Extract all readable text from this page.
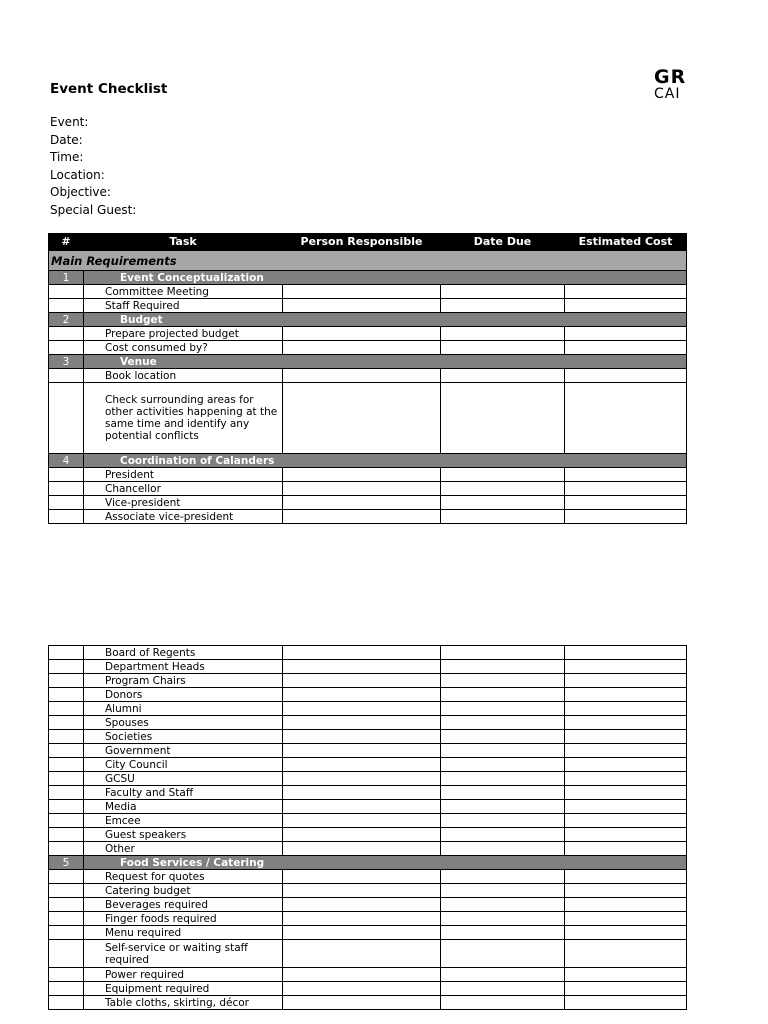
GR
CAI
Event Checklist
Event:
Date:
Time:
Location:
Objective:
Special Guest:
#	Task	Person Responsible	Date Due	Estimated Cost
Main Requirements				
1	Event Conceptualization			
	Committee Meeting			
	Staff Required			
2	Budget			
	Prepare projected budget			
	Cost consumed by?			
3	Venue			
	Book location			
	Check surrounding areas for other activities happening at the same time and identify any potential conflicts			
4	Coordination of Calanders			
	President			
	Chancellor			
	Vice-president			
	Associate vice-president			
	Board of Regents			
	Department Heads			
	Program Chairs			
	Donors			
	Alumni			
	Spouses			
	Societies			
	Government			
	City Council			
	GCSU			
	Faculty and Staff			
	Media			
	Emcee			
	Guest speakers			
	Other			
5	Food Services / Catering			
	Request for quotes			
	Catering budget			
	Beverages required			
	Finger foods required			
	Menu required			
	Self-service or waiting staff required			
	Power required			
	Equipment required			
	Table cloths, skirting, décor			
